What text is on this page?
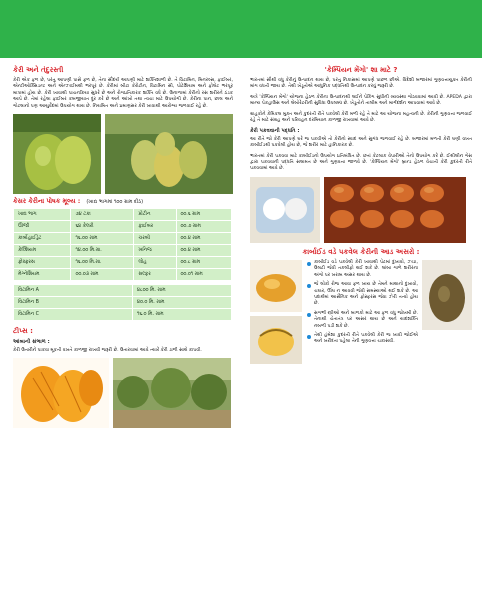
કેરી અને તંદુરસ્તી
કેરી એક ફળ છે, પરંતુ આપણી પાસે ફળ છે, તેના સૌંદર્ય આપણી માટે શક્તિશાળી છે. તે વિટામિન, મિનરલ્સ, ફાઈબર, એન્ટીઓક્સિડન્ટ અને એન્ઝાઈમથી ભરપૂર છે. કેરીમાં બીટા કેરોટીન, વિટામિન સી, પોટેશિયમ અને ફોલેટ ભરપૂર માત્રામાં હોય છે. કેરી ખાવાથી પાચનક્રિયા સુધરે છે અને રોગપ્રતિકારક શક્તિ વધે છે. ઉનાળામાં કેરીનો રસ શરીરને ઠંડક આપે છે. તેમાં રહેલા ફાઈબર કબજીયાત દૂર કરે છે અને આંખો તથા ત્વચા માટે ઉપયોગી છે. કેરીના પાન, છાલ અને ગોટલાનો પણ આયુર્વેદમાં ઉપયોગ થાય છે. નિયમિત અને પ્રમાણસર કેરી ખાવાથી આરોગ્ય જળવાઈ રહે છે.
કેસર કેરીના પોષક મૂલ્ય : (ખાદ્ય ભાગમાં ૧૦૦ ગ્રામ દીઠ)
ખાદ્ય ભાગ	૭૪ ટકા	પ્રોટીન	૦૦.૬ ગ્રામ
ઊર્જા	૬૪ કેલરી	ફાઈબર	૦૦.૭ ગ્રામ
કાર્બોહાઈડ્રેટ	૧૬.૦૦ ગ્રામ	ચરબી	૦૦.૪ ગ્રામ
કેલ્શિયમ	૧૪.૦૦ મિ.ગ્રા.	ખનિજ	૦૦.૪ ગ્રામ
ફોસ્ફરસ	૧૬.૦૦ મિ.ગ્રા.	લોહ	૦૦.૮ ગ્રામ
મેગ્નેશિયમ	૦૦.૦૩ ગ્રામ	સલ્ફર	૦૦.૦૧ ગ્રામ
વિટામિન A	૪૮૦૦ મિ. ગ્રામ
વિટામિન B	૪૦.૦ મિ. ગ્રામ
વિટામિન C	૧૬.૦ મિ. ગ્રામ
ટીપ્સ :
આંબાની સંભાળ :
કેરી ઉતારીને પાકવા મૂકતી વખતે કાળજી રાખવી જરૂરી છે. ઉતારવામાં આવે ત્યારે કેરી ડાળી સાથે કાપવી.
'કેમ્પિયન મેંગો' શા માટે ?
ભારતમાં સૌથી વધુ કેરીનું ઉત્પાદન થાય છે, પરંતુ નિકાસમાં આપણે પાછળ છીએ. વિદેશી બજારમાં ગુણવત્તાયુક્ત કેરીની માંગ વધતી જાય છે. તેથી ખેડૂતોએ આધુનિક પદ્ધતિથી ઉત્પાદન કરવું જરૂરી છે.
અત્રે 'કેમ્પિયન મેંગો' યોજના હેઠળ કેરીના ઉત્પાદનથી લઈને પેકિંગ સુધીની વ્યવસ્થા ગોઠવવામાં આવી છે. APEDA દ્વારા માન્ય પેકહાઉસ અને લેબોરેટરીની સુવિધા ઉપલબ્ધ છે. ખેડૂતોને તાલીમ અને માર્ગદર્શન આપવામાં આવે છે.
ગ્રાહકોને કેમિકલ મુક્ત અને કુદરતી રીતે પકવેલી કેરી મળી રહે તે માટે આ યોજના મહત્વની છે. કેરીની ગુણવત્તા જળવાઈ રહે તે માટે સંગ્રહ અને પરિવહન દરમિયાન કાળજી રાખવામાં આવે છે.
કેરી પકવવાની પદ્ધતિ :
આ રીતે જો કેરી આપણે ઘરે જ પકવીએ તો કેરીનો સ્વાદ અને સુગંધ જળવાઈ રહે છે. બજારમાં મળતી કેરી ઘણી વખત કાર્બાઈડથી પકવેલી હોય છે, જે શરીર માટે હાનિકારક છે.
ભારતમાં કેરી પકવવા માટે કાર્બાઈડનો ઉપયોગ પ્રતિબંધિત છે. છતાં કેટલાક વેપારીઓ તેનો ઉપયોગ કરે છે. ઈથીલીન ગેસ દ્વારા પકવવાની પદ્ધતિ સલામત છે અને ગુણવત્તા જાળવે છે. 'કેમ્પિયન મેંગો' બ્રાન્ડ હેઠળ વેચાતી કેરી કુદરતી રીતે પકવવામાં આવે છે.
કાર્બાઈડ વડે પકવેલ કેરીની આડ અસરો :
કાર્બાઈડ વડે પકવેલી કેરી ખાવાથી પેટમાં દુખાવો, ઝાડા, ઉલટી જેવી તકલીફો થઈ શકે છે. લાંબા ગાળે શરીરના અંગો પર ખરાબ અસર થાય છે.
જે લોકો રોજ આવા ફળ ખાય છે તેમને માથાનો દુખાવો, ચક્કર, ઊંઘ ન આવવી જેવી સમસ્યાઓ થઈ શકે છે. આ પદાર્થમાં આર્સેનિક અને ફોસ્ફરસ જેવા ઝેરી તત્વો હોય છે.
સગર્ભા સ્ત્રીઓ અને બાળકો માટે આ ફળ વધુ જોખમી છે. તેનાથી ચેતાતંત્ર પર અસર થાય છે અને યાદશક્તિ નબળી પડી શકે છે.
તેથી હંમેશા કુદરતી રીતે પકવેલી કેરી જ ખાવી જોઈએ અને ખરીદતા પહેલા તેની ગુણવત્તા ચકાસવી.
